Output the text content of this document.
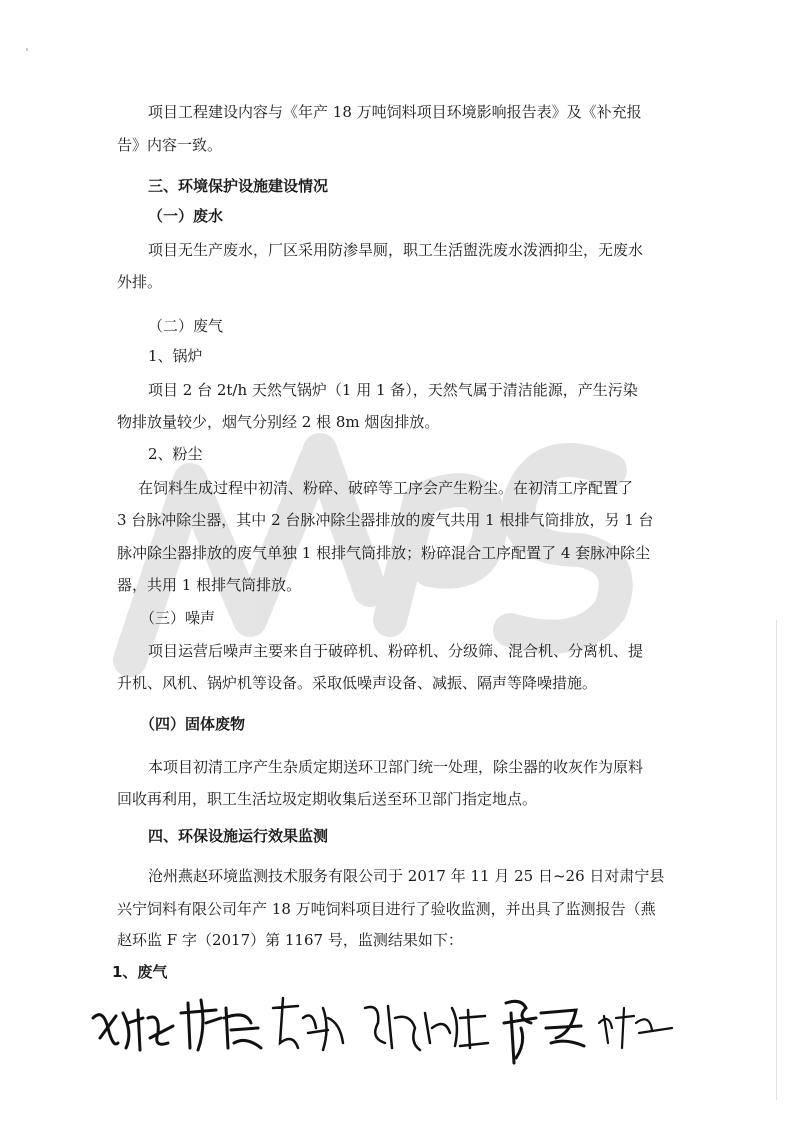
项目工程建设内容与《年产 18 万吨饲料项目环境影响报告表》及《补充报
告》内容一致。
三、环境保护设施建设情况
（一）废水
项目无生产废水，厂区采用防渗旱厕，职工生活盥洗废水泼洒抑尘，无废水
外排。
（二）废气
1、锅炉
项目 2 台 2t/h 天然气锅炉（1 用 1 备），天然气属于清洁能源，产生污染
物排放量较少，烟气分别经 2 根 8m 烟囱排放。
2、粉尘
在饲料生成过程中初清、粉碎、破碎等工序会产生粉尘。在初清工序配置了
3 台脉冲除尘器，其中 2 台脉冲除尘器排放的废气共用 1 根排气筒排放，另 1 台
脉冲除尘器排放的废气单独 1 根排气筒排放；粉碎混合工序配置了 4 套脉冲除尘
器，共用 1 根排气筒排放。
（三）噪声
项目运营后噪声主要来自于破碎机、粉碎机、分级筛、混合机、分离机、提
升机、风机、锅炉机等设备。采取低噪声设备、减振、隔声等降噪措施。
（四）固体废物
本项目初清工序产生杂质定期送环卫部门统一处理，除尘器的收灰作为原料
回收再利用，职工生活垃圾定期收集后送至环卫部门指定地点。
四、环保设施运行效果监测
沧州燕赵环境监测技术服务有限公司于 2017 年 11 月 25 日~26 日对肃宁县
兴宁饲料有限公司年产 18 万吨饲料项目进行了验收监测，并出具了监测报告（燕
赵环监 F 字（2017）第 1167 号，监测结果如下：
1、废气
